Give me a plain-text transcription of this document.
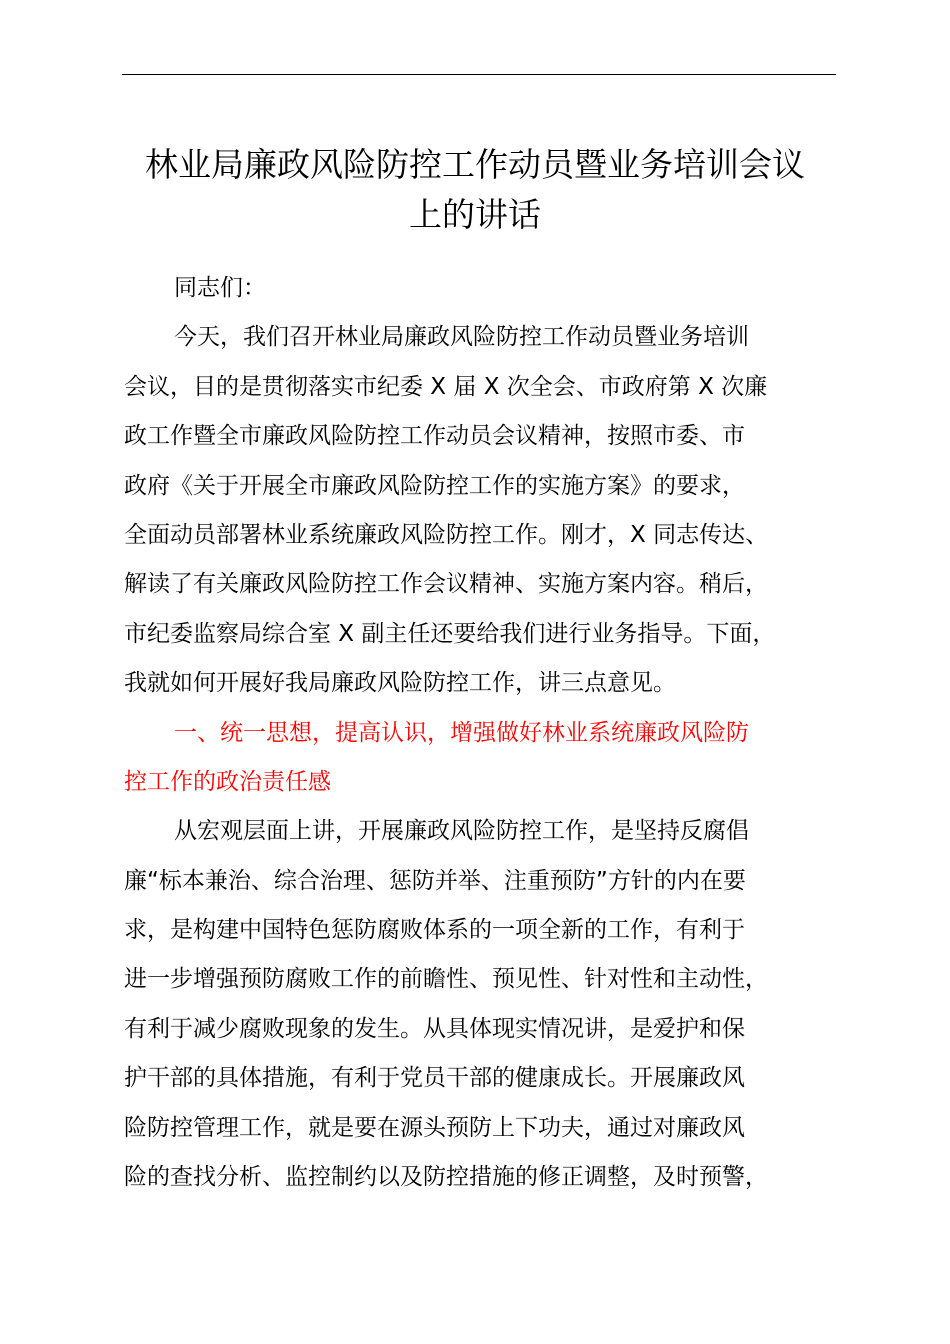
林业局廉政风险防控工作动员暨业务培训会议
上的讲话
同志们：
今天，我们召开林业局廉政风险防控工作动员暨业务培训
会议，目的是贯彻落实市纪委 X 届 X 次全会、市政府第 X 次廉
政工作暨全市廉政风险防控工作动员会议精神，按照市委、市
政府《关于开展全市廉政风险防控工作的实施方案》的要求，
全面动员部署林业系统廉政风险防控工作。刚才，X 同志传达、
解读了有关廉政风险防控工作会议精神、实施方案内容。稍后，
市纪委监察局综合室 X 副主任还要给我们进行业务指导。下面，
我就如何开展好我局廉政风险防控工作，讲三点意见。
一、统一思想，提高认识，增强做好林业系统廉政风险防
控工作的政治责任感
从宏观层面上讲，开展廉政风险防控工作，是坚持反腐倡
廉“标本兼治、综合治理、惩防并举、注重预防”方针的内在要
求，是构建中国特色惩防腐败体系的一项全新的工作，有利于
进一步增强预防腐败工作的前瞻性、预见性、针对性和主动性，
有利于减少腐败现象的发生。从具体现实情况讲，是爱护和保
护干部的具体措施，有利于党员干部的健康成长。开展廉政风
险防控管理工作，就是要在源头预防上下功夫，通过对廉政风
险的查找分析、监控制约以及防控措施的修正调整，及时预警，
